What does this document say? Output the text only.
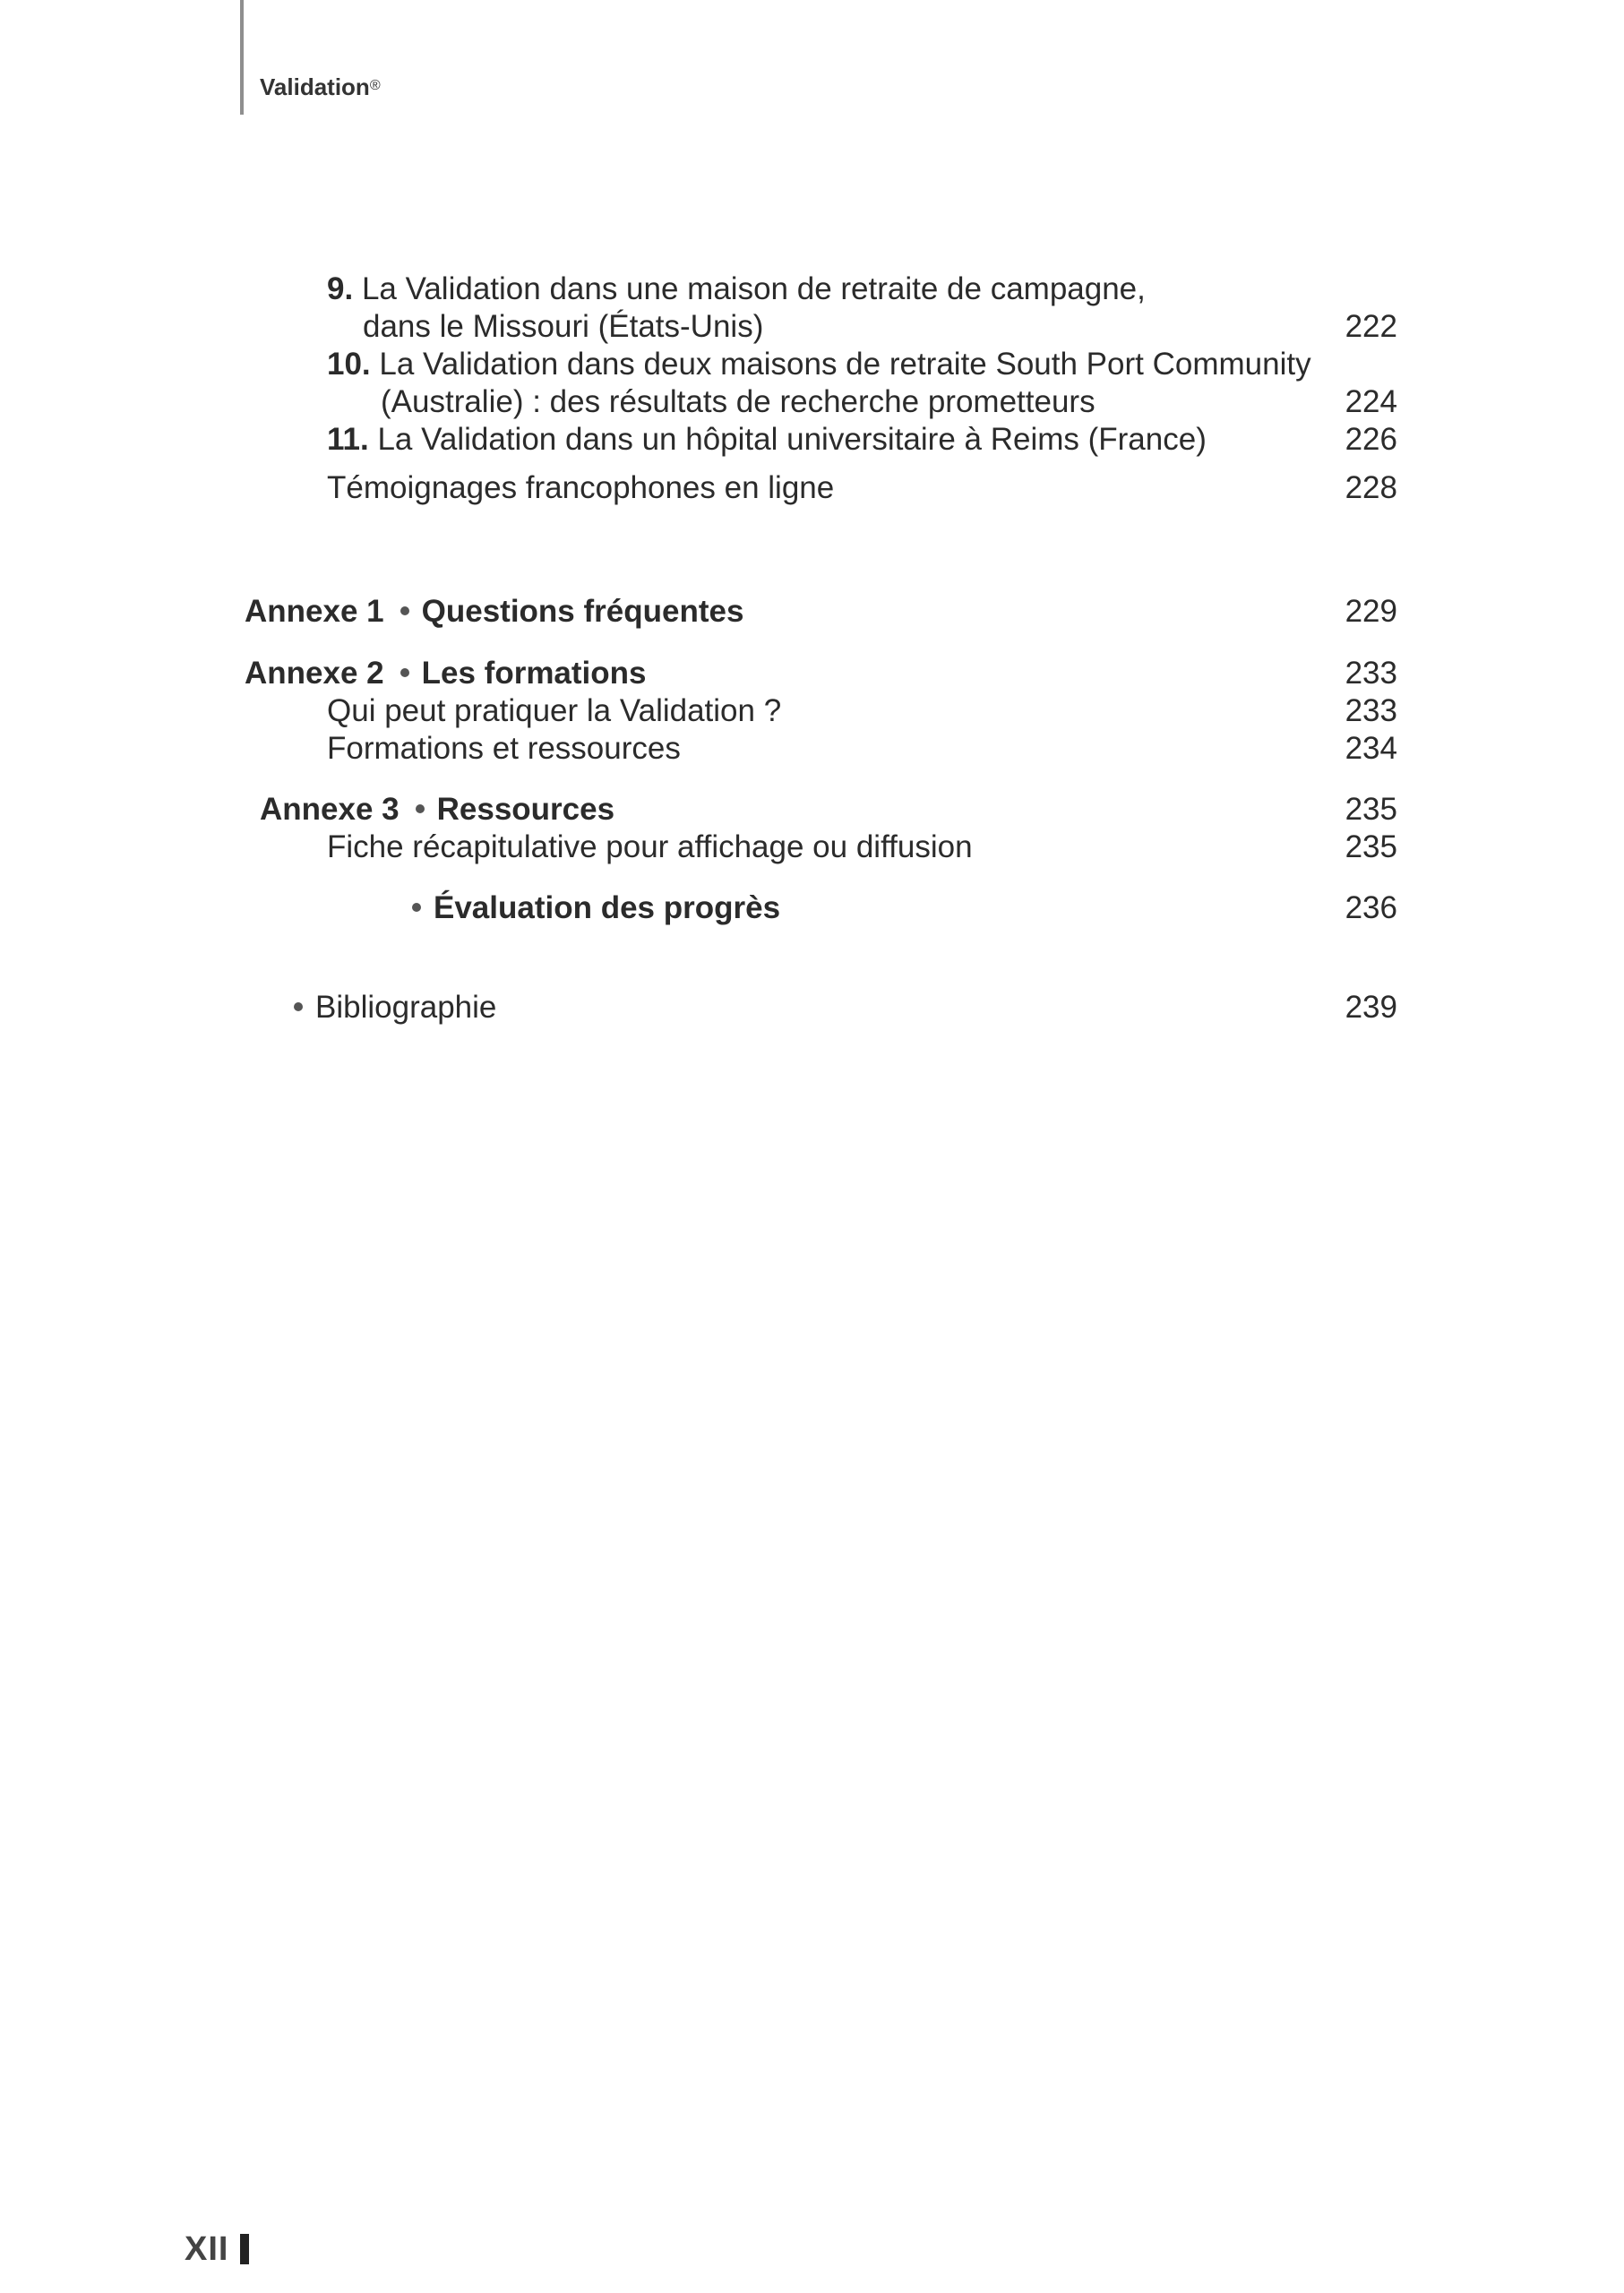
Validation®
9. La Validation dans une maison de retraite de campagne,
dans le Missouri (États-Unis)	222
10. La Validation dans deux maisons de retraite South Port Community
(Australie) : des résultats de recherche prometteurs	224
11. La Validation dans un hôpital universitaire à Reims (France)	226
Témoignages francophones en ligne	228
Annexe 1 Questions fréquentes	229
Annexe 2 Les formations	233
Qui peut pratiquer la Validation ?	233
Formations et ressources	234
Annexe 3 Ressources	235
Fiche récapitulative pour affichage ou diffusion	235
Évaluation des progrès	236
Bibliographie	239
XII
